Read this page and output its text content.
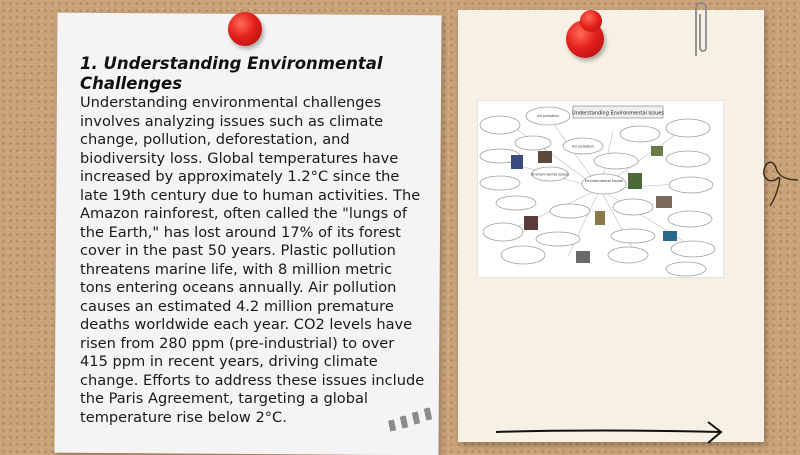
1. Understanding Environmental Challenges

Understanding environmental challenges involves analyzing issues such as climate change, pollution, deforestation, and biodiversity loss. Global temperatures have increased by approximately 1.2°C since the late 19th century due to human activities. The Amazon rainforest, often called the "lungs of the Earth," has lost around 17% of its forest cover in the past 50 years. Plastic pollution threatens marine life, with 8 million metric tons entering oceans annually. Air pollution causes an estimated 4.2 million premature deaths worldwide each year. CO2 levels have risen from 280 ppm (pre-industrial) to over 415 ppm in recent years, driving climate change. Efforts to address these issues include the Paris Agreement, targeting a global temperature rise below 2°C.

Understanding Environmental Issues
Air pollution
Air pollution
Environmental Issues
Environmental issues
